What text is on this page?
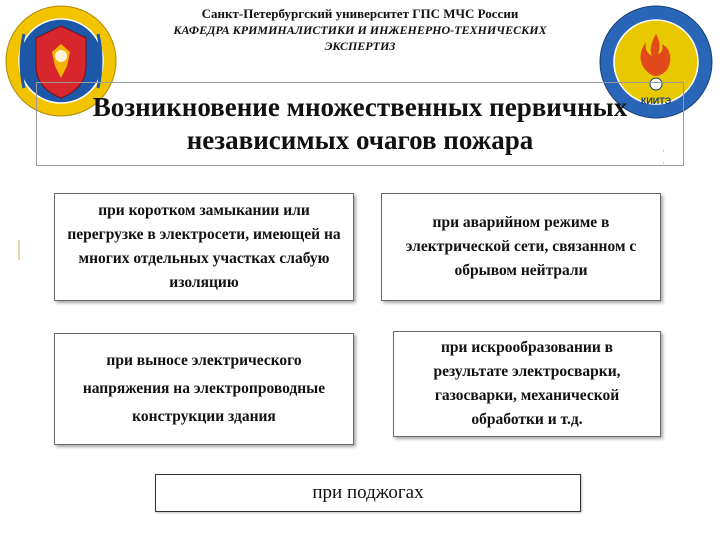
Санкт-Петербургский университет ГПС МЧС России
КАФЕДРА КРИМИНАЛИСТИКИ И ИНЖЕНЕРНО-ТЕХНИЧЕСКИХ
ЭКСПЕРТИЗ
КИИТЭ
Возникновение множественных первичных
независимых очагов пожара	·
·
при коротком замыкании или перегрузке в электросети, имеющей на многих отдельных участках слабую изоляцию
при аварийном режиме в электрической сети, связанном с обрывом нейтрали
при выносе электрического напряжения на электропроводные конструкции здания
при искрообразовании в результате электросварки, газосварки, механической обработки и т.д.
при поджогах
